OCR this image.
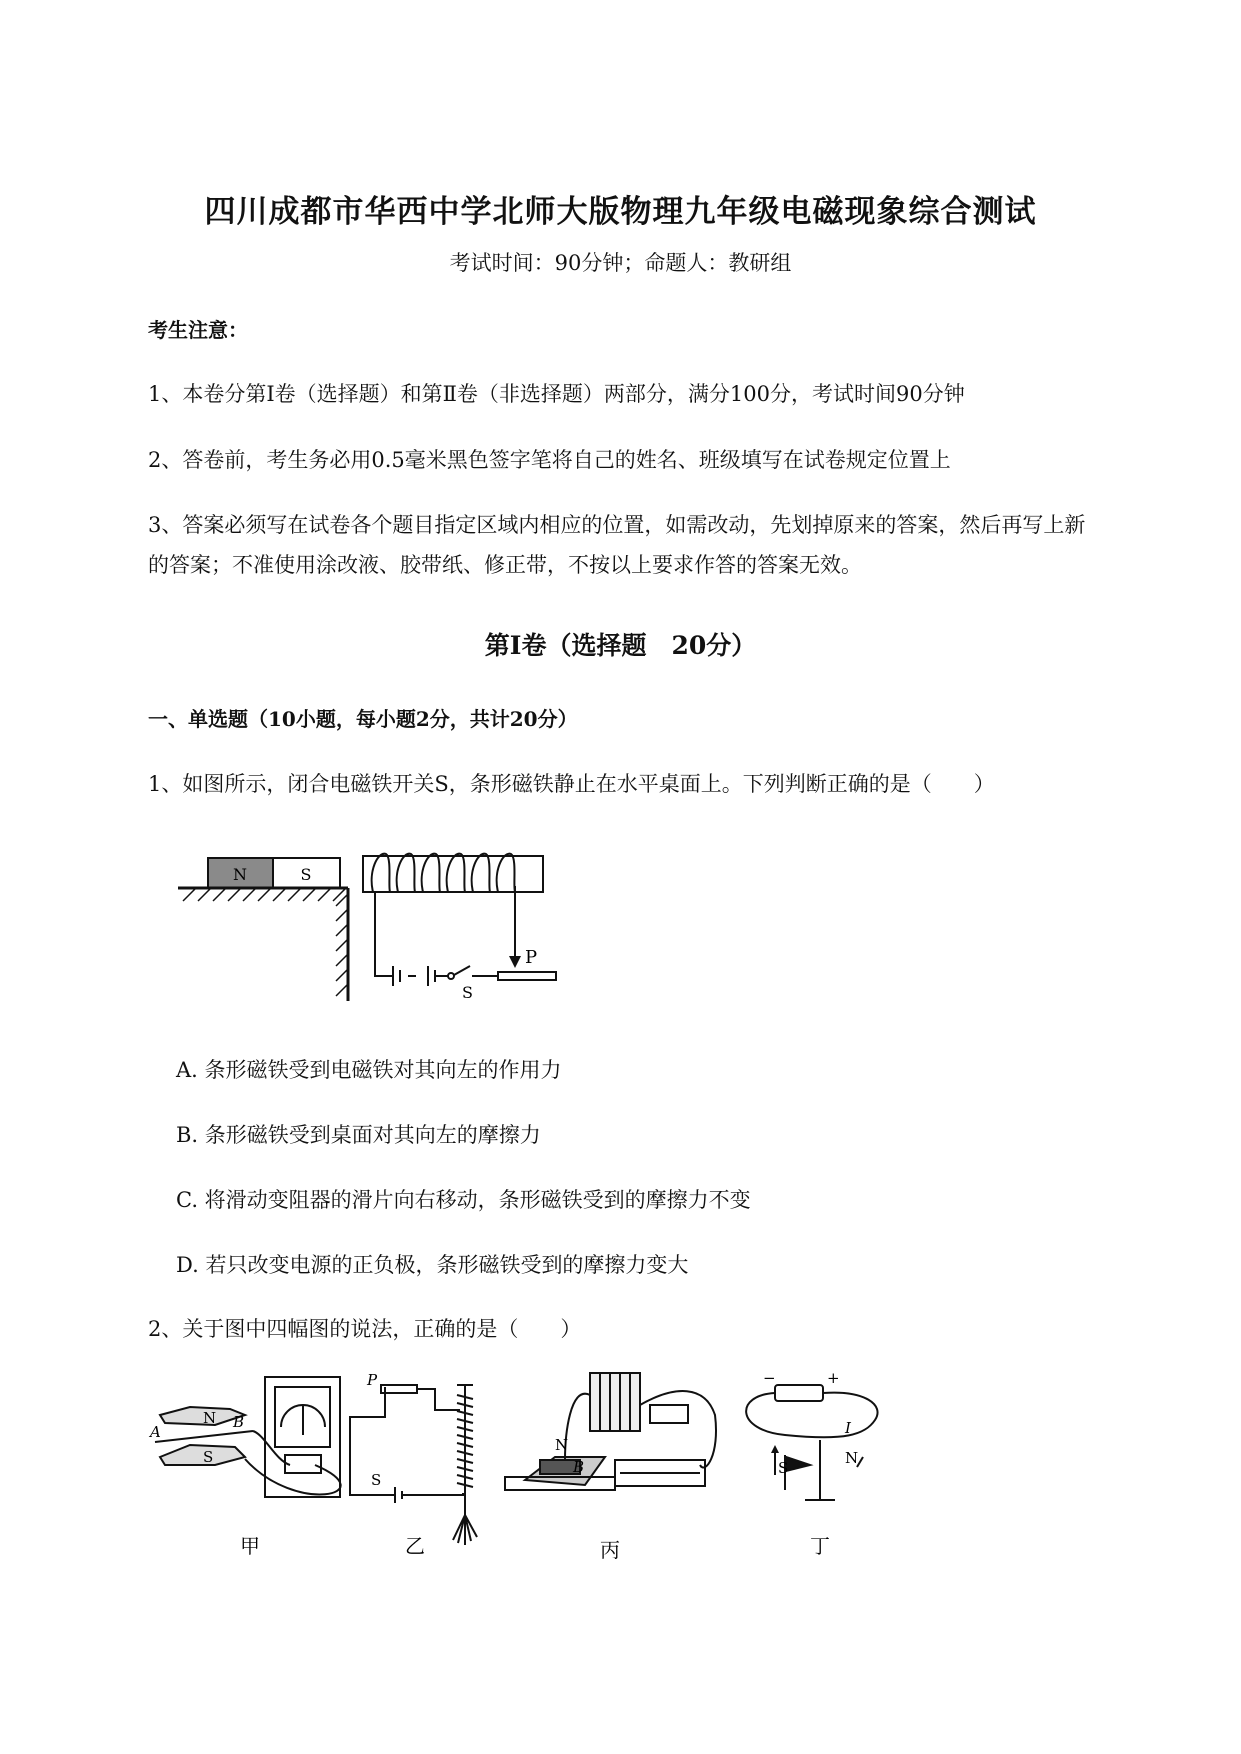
四川成都市华西中学北师大版物理九年级电磁现象综合测试
考试时间：90分钟；命题人：教研组
考生注意：
1、本卷分第Ⅰ卷（选择题）和第Ⅱ卷（非选择题）两部分，满分100分，考试时间90分钟
2、答卷前，考生务必用0.5毫米黑色签字笔将自己的姓名、班级填写在试卷规定位置上
3、答案必须写在试卷各个题目指定区域内相应的位置，如需改动，先划掉原来的答案，然后再写上新
的答案；不准使用涂改液、胶带纸、修正带，不按以上要求作答的答案无效。
第Ⅰ卷（选择题　20分）
一、单选题（10小题，每小题2分，共计20分）
1、如图所示，闭合电磁铁开关S，条形磁铁静止在水平桌面上。下列判断正确的是（　　）
N	S
P
S
A. 条形磁铁受到电磁铁对其向左的作用力
B. 条形磁铁受到桌面对其向左的摩擦力
C. 将滑动变阻器的滑片向右移动，条形磁铁受到的摩擦力不变
D. 若只改变电源的正负极，条形磁铁受到的摩擦力变大
2、关于图中四幅图的说法，正确的是（　　）
N
S
A
B
甲
P
S
乙
N
B
丙
−	+
I
S
N
丁
